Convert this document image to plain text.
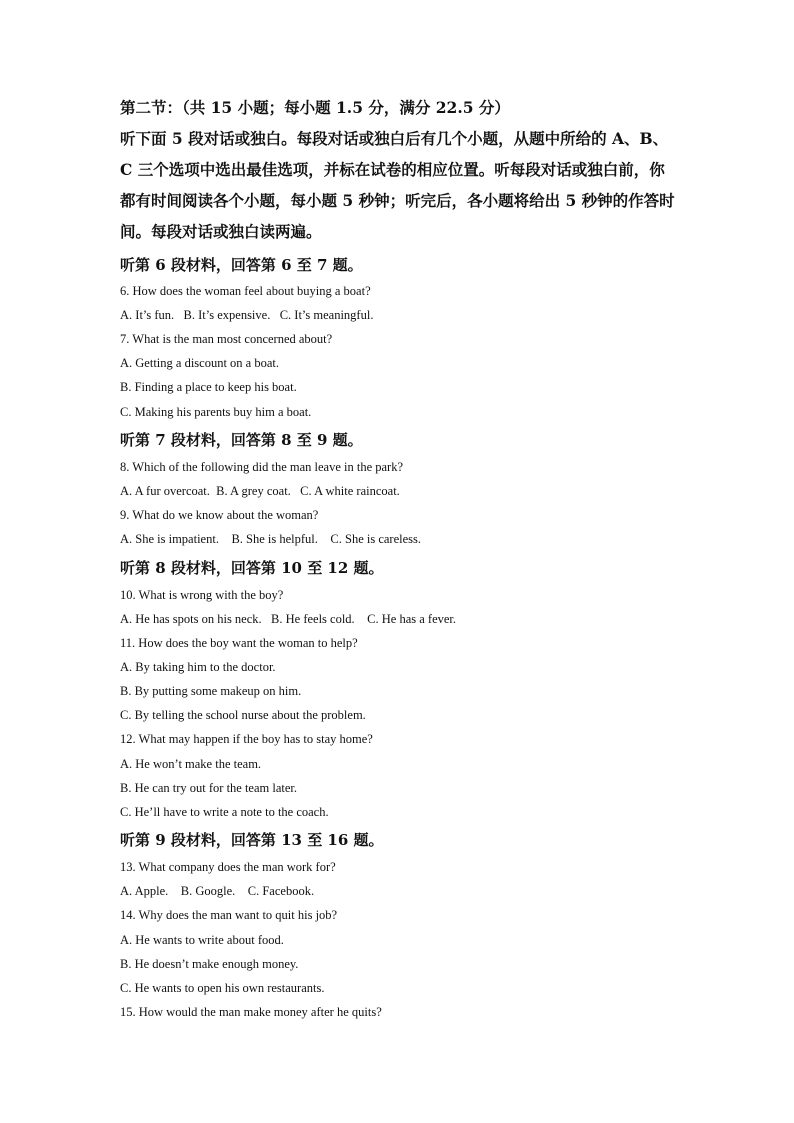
第二节：（共 15 小题；每小题 1.5 分，满分 22.5 分）
听下面 5 段对话或独白。每段对话或独白后有几个小题，从题中所给的 A、B、C 三个选项中选出最佳选项，并标在试卷的相应位置。听每段对话或独白前，你都有时间阅读各个小题，每小题 5 秒钟；听完后，各小题将给出 5 秒钟的作答时间。每段对话或独白读两遍。
听第 6 段材料，回答第 6 至 7 题。
6. How does the woman feel about buying a boat?
A. It’s fun.   B. It’s expensive.   C. It’s meaningful.
7. What is the man most concerned about?
A. Getting a discount on a boat.
B. Finding a place to keep his boat.
C. Making his parents buy him a boat.
听第 7 段材料，回答第 8 至 9 题。
8. Which of the following did the man leave in the park?
A. A fur overcoat.  B. A grey coat.   C. A white raincoat.
9. What do we know about the woman?
A. She is impatient.    B. She is helpful.    C. She is careless.
听第 8 段材料，回答第 10 至 12 题。
10. What is wrong with the boy?
A. He has spots on his neck.   B. He feels cold.    C. He has a fever.
11. How does the boy want the woman to help?
A. By taking him to the doctor.
B. By putting some makeup on him.
C. By telling the school nurse about the problem.
12. What may happen if the boy has to stay home?
A. He won’t make the team.
B. He can try out for the team later.
C. He’ll have to write a note to the coach.
听第 9 段材料，回答第 13 至 16 题。
13. What company does the man work for?
A. Apple.    B. Google.    C. Facebook.
14. Why does the man want to quit his job?
A. He wants to write about food.
B. He doesn’t make enough money.
C. He wants to open his own restaurants.
15. How would the man make money after he quits?
